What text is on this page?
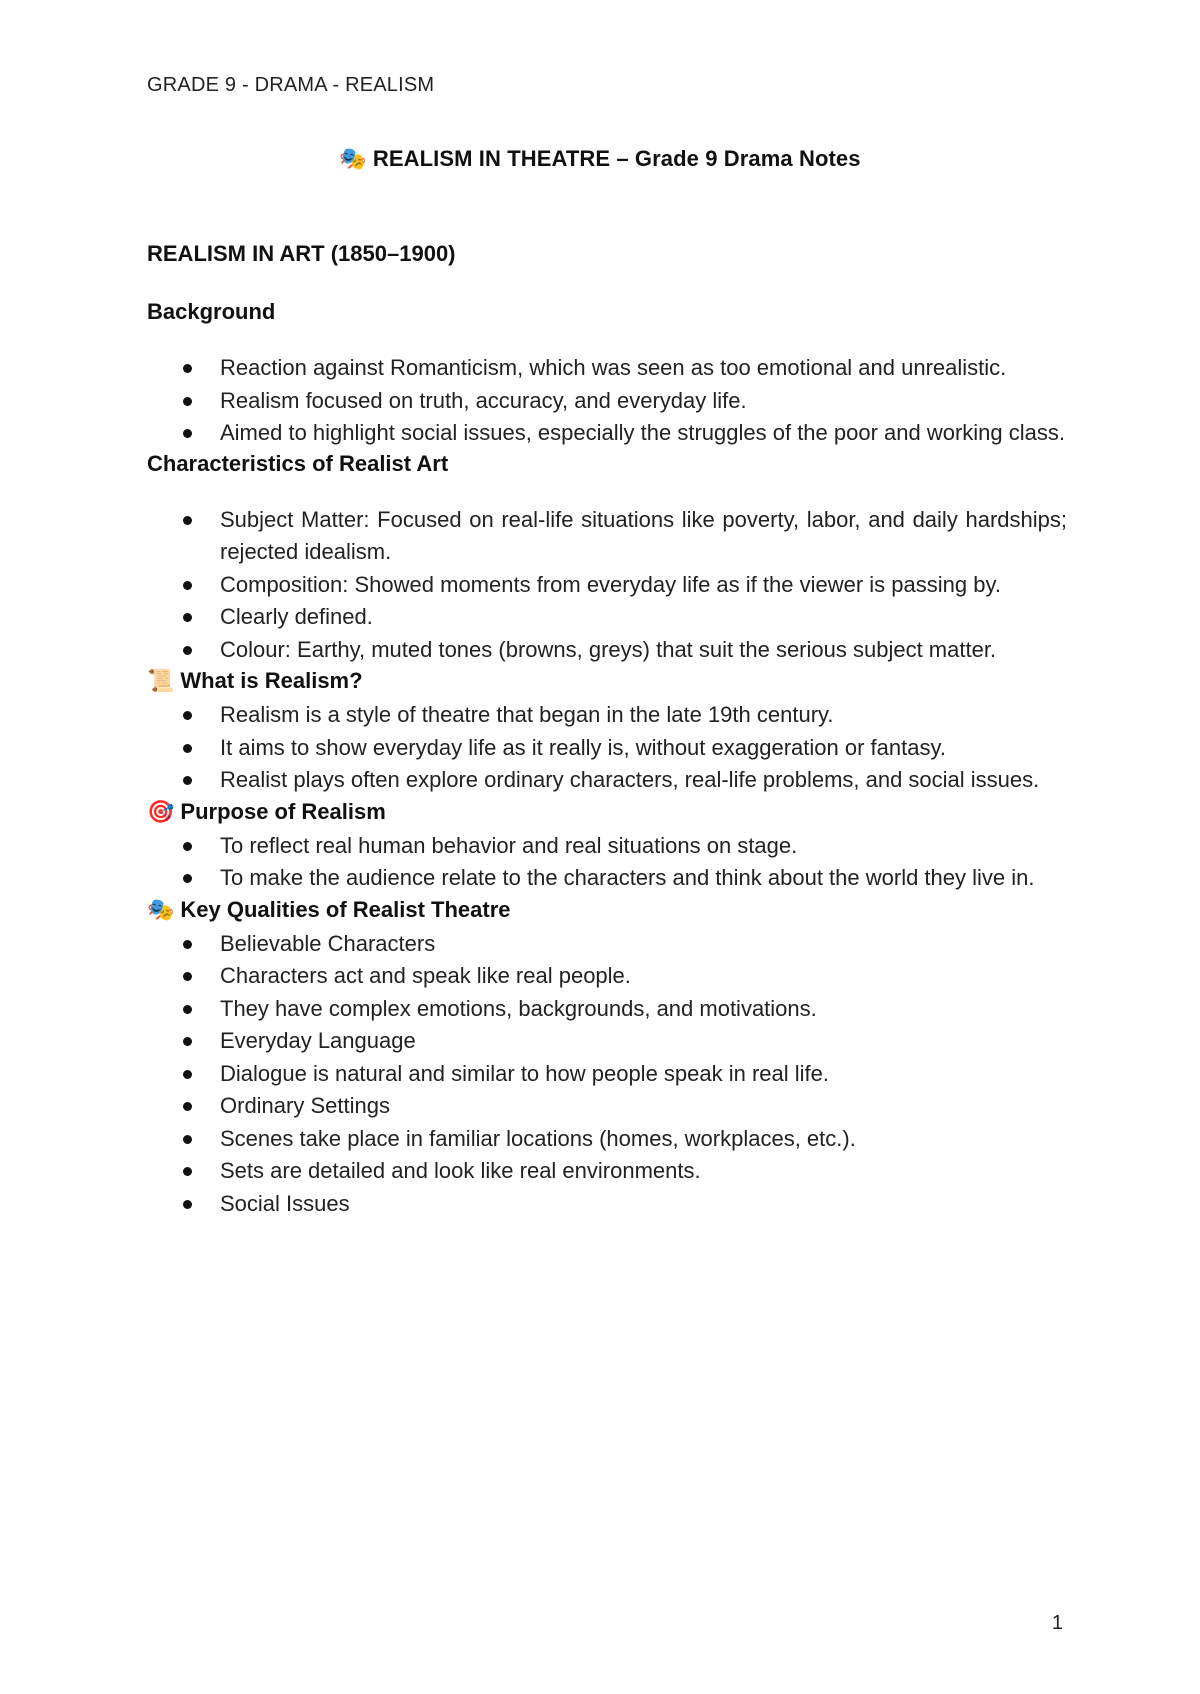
GRADE 9 - DRAMA - REALISM
🎭 REALISM IN THEATRE – Grade 9 Drama Notes
REALISM IN ART (1850–1900)
Background
Reaction against Romanticism, which was seen as too emotional and unrealistic.
Realism focused on truth, accuracy, and everyday life.
Aimed to highlight social issues, especially the struggles of the poor and working class.
Characteristics of Realist Art
Subject Matter: Focused on real-life situations like poverty, labor, and daily hardships; rejected idealism.
Composition: Showed moments from everyday life as if the viewer is passing by.
Clearly defined.
Colour: Earthy, muted tones (browns, greys) that suit the serious subject matter.
📜 What is Realism?
Realism is a style of theatre that began in the late 19th century.
It aims to show everyday life as it really is, without exaggeration or fantasy.
Realist plays often explore ordinary characters, real-life problems, and social issues.
🎯 Purpose of Realism
To reflect real human behavior and real situations on stage.
To make the audience relate to the characters and think about the world they live in.
🎭 Key Qualities of Realist Theatre
Believable Characters
Characters act and speak like real people.
They have complex emotions, backgrounds, and motivations.
Everyday Language
Dialogue is natural and similar to how people speak in real life.
Ordinary Settings
Scenes take place in familiar locations (homes, workplaces, etc.).
Sets are detailed and look like real environments.
Social Issues
1
